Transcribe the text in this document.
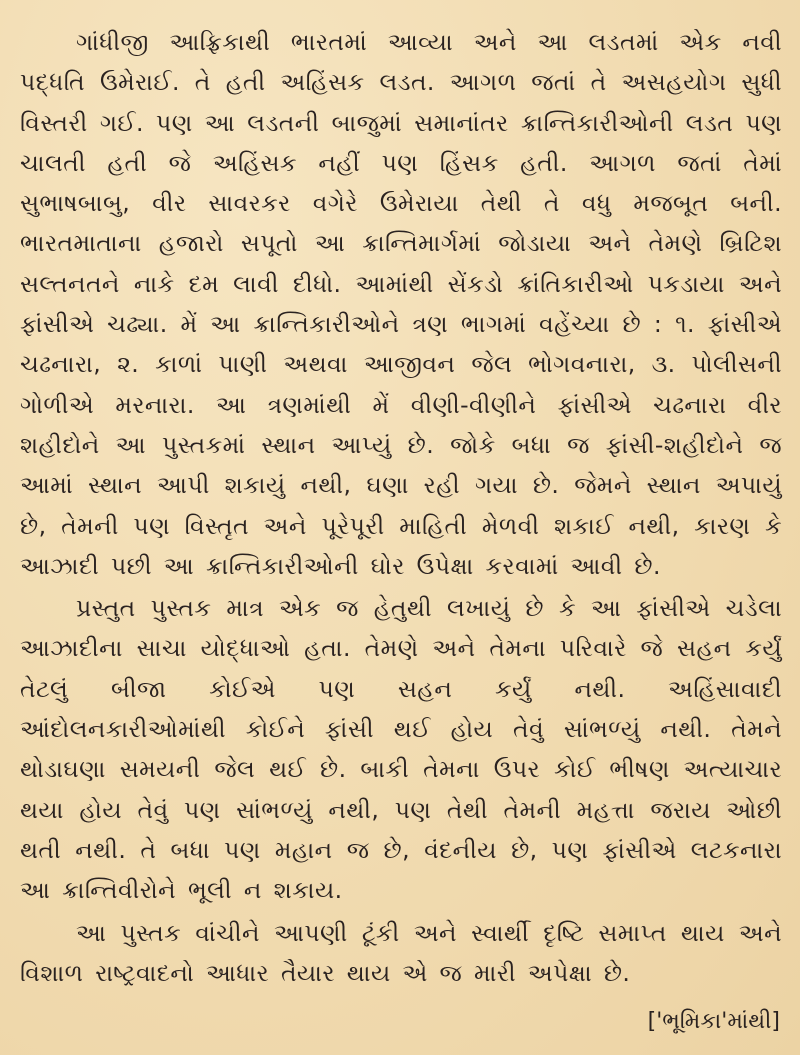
ગાંધીજી આફ્રિકાથી ભારતમાં આવ્યા અને આ લડતમાં એક નવી પદ્ધતિ ઉમેરાઈ. તે હતી અહિંસક લડત. આગળ જતાં તે અસહયોગ સુધી વિસ્તરી ગઈ. પણ આ લડતની બાજુમાં સમાનાંતર ક્રાન્તિકારીઓની લડત પણ ચાલતી હતી જે અહિંસક નહીં પણ હિંસક હતી. આગળ જતાં તેમાં સુભાષબાબુ, વીર સાવરકર વગેરે ઉમેરાયા તેથી તે વધુ મજબૂત બની. ભારતમાતાના હજારો સપૂતો આ ક્રાન્તિમાર્ગમાં જોડાયા અને તેમણે બ્રિટિશ સલ્તનતને નાકે દમ લાવી દીધો. આમાંથી સેંકડો ક્રાંતિકારીઓ પકડાયા અને ફાંસીએ ચઢ્યા. મેં આ ક્રાન્તિકારીઓને ત્રણ ભાગમાં વહેંચ્યા છે : ૧. ફાંસીએ ચઢનારા, ૨. કાળાં પાણી અથવા આજીવન જેલ ભોગવનારા, ૩. પોલીસની ગોળીએ મરનારા. આ ત્રણમાંથી મેં વીણી-વીણીને ફાંસીએ ચઢનારા વીર શહીદોને આ પુસ્તકમાં સ્થાન આપ્યું છે. જોકે બધા જ ફાંસી-શહીદોને જ આમાં સ્થાન આપી શકાયું નથી, ઘણા રહી ગયા છે. જેમને સ્થાન અપાયું છે, તેમની પણ વિસ્તૃત અને પૂરેપૂરી માહિતી મેળવી શકાઈ નથી, કારણ કે આઝાદી પછી આ ક્રાન્તિકારીઓની ઘોર ઉપેક્ષા કરવામાં આવી છે.

પ્રસ્તુત પુસ્તક માત્ર એક જ હેતુથી લખાયું છે કે આ ફાંસીએ ચડેલા આઝાદીના સાચા યોદ્ધાઓ હતા. તેમણે અને તેમના પરિવારે જે સહન કર્યું તેટલું બીજા કોઈએ પણ સહન કર્યું નથી. અહિંસાવાદી આંદોલનકારીઓમાંથી કોઈને ફાંસી થઈ હોય તેવું સાંભળ્યું નથી. તેમને થોડાઘણા સમયની જેલ થઈ છે. બાકી તેમના ઉપર કોઈ ભીષણ અત્યાચાર થયા હોય તેવું પણ સાંભળ્યું નથી, પણ તેથી તેમની મહત્તા જરાય ઓછી થતી નથી. તે બધા પણ મહાન જ છે, વંદનીય છે, પણ ફાંસીએ લટકનારા આ ક્રાન્તિવીરોને ભૂલી ન શકાય.

આ પુસ્તક વાંચીને આપણી ટૂંકી અને સ્વાર્થી દૃષ્ટિ સમાપ્ત થાય અને વિશાળ રાષ્ટ્રવાદનો આધાર તૈયાર થાય એ જ મારી અપેક્ષા છે.

['ભૂમિકા'માંથી]
